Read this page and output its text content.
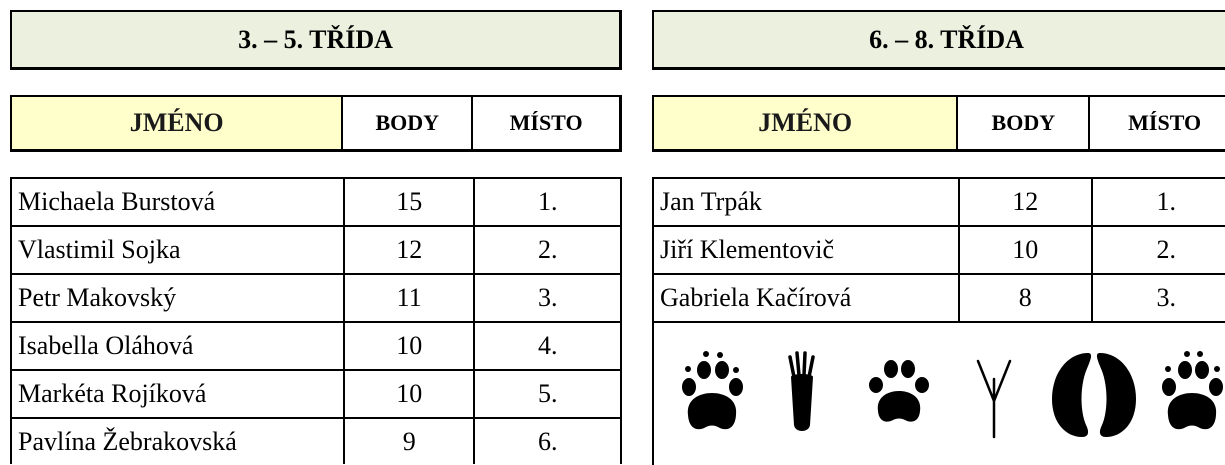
3. – 5. TŘÍDA
JMÉNO	BODY	MÍSTO
Michaela Burstová	15	1.
Vlastimil Sojka	12	2.
Petr Makovský	11	3.
Isabella Oláhová	10	4.
Markéta Rojíková	10	5.
Pavlína Žebrakovská	9	6.
6. – 8. TŘÍDA
JMÉNO	BODY	MÍSTO
Jan Trpák	12	1.
Jiří Klementovič	10	2.
Gabriela Kačírová	8	3.
